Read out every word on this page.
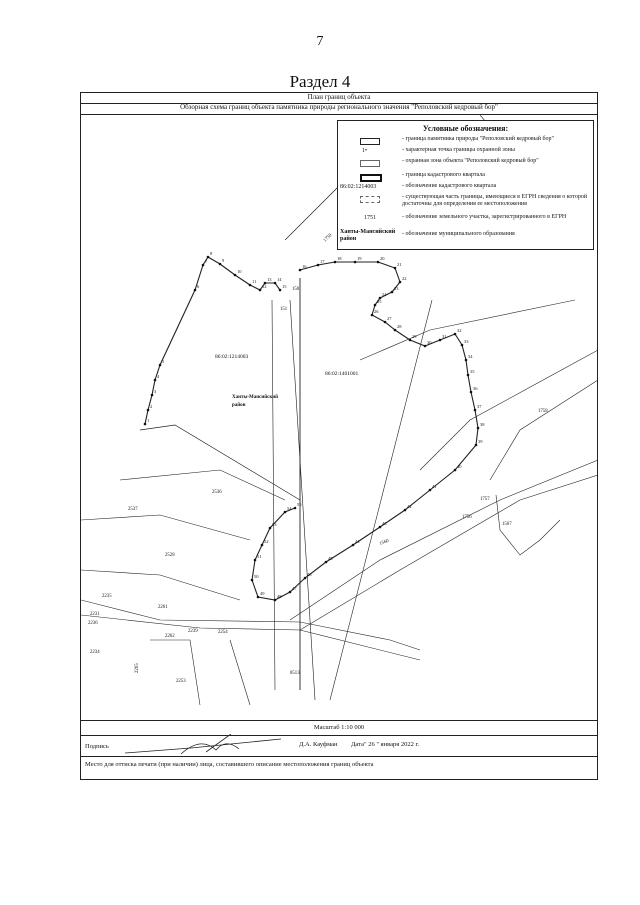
7
Раздел 4
План границ объекта
Обзорная схема границ объекта памятника природы регионального значения "Реполовский кедровый бор"
1
2
3
4
5
6
7
8
9
10
11
12
13 14
15
16
17
18	19	20
21
22
23
24
25
26
27
28
29
30
31
32
33
34
35
36
37
38
39
40
41
42
43
44
45
46
47
48
49
50
51
52
53
54
55
86:02:1214003
86:02:1401001
Ханты-Мансийский
район
1750
1758
1757
1756
1567
2536
2537
2528
2235
2231
2236
2234
2261
2239
2262
2253
2265
2254
8513
1560
151
150
Условные обозначения:
- граница памятника природы "Реполовский кедровый бор"
1•	- характерная точка границы охранной зоны
- охранная зона объекта "Реполовский кедровый бор"
- граница кадастрового квартала
86:02:1214003	- обозначение кадастрового квартала
- существующая часть границы, имеющиеся в ЕГРН сведения о которой достаточны для определения ее местоположения
1751	- обозначение земельного участка, зарегистрированного в ЕГРН
Ханты-Мансийский район
- обозначение муниципального образования
Масштаб 1:10 000
Подпись	Д.А. Кауфман Дата" 26 " января 2022 г.
Место для оттиска печати (при наличии) лица, составившего описание местоположения границ объекта
